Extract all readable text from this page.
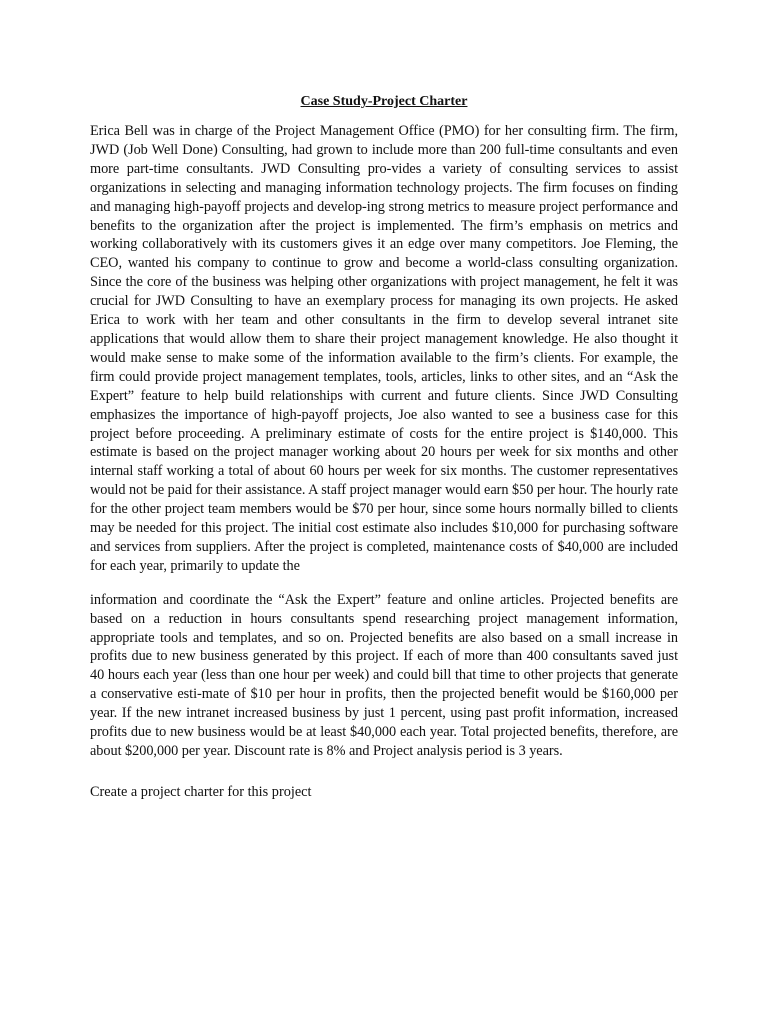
Case Study-Project Charter

Erica Bell was in charge of the Project Management Office (PMO) for her consulting firm. The firm, JWD (Job Well Done) Consulting, had grown to include more than 200 full-time consultants and even more part-time consultants. JWD Consulting pro-vides a variety of consulting services to assist organizations in selecting and managing information technology projects. The firm focuses on finding and managing high-payoff projects and develop-ing strong metrics to measure project performance and benefits to the organization after the project is implemented. The firm’s emphasis on metrics and working collaboratively with its customers gives it an edge over many competitors. Joe Fleming, the CEO, wanted his company to continue to grow and become a world-class consulting organization. Since the core of the business was helping other organizations with project management, he felt it was crucial for JWD Consulting to have an exemplary process for managing its own projects. He asked Erica to work with her team and other consultants in the firm to develop several intranet site applications that would allow them to share their project management knowledge. He also thought it would make sense to make some of the information available to the firm’s clients. For example, the firm could provide project management templates, tools, articles, links to other sites, and an “Ask the Expert” feature to help build relationships with current and future clients. Since JWD Consulting emphasizes the importance of high-payoff projects, Joe also wanted to see a business case for this project before proceeding. A preliminary estimate of costs for the entire project is $140,000. This estimate is based on the project manager working about 20 hours per week for six months and other internal staff working a total of about 60 hours per week for six months. The customer representatives would not be paid for their assistance. A staff project manager would earn $50 per hour. The hourly rate for the other project team members would be $70 per hour, since some hours normally billed to clients may be needed for this project. The initial cost estimate also includes $10,000 for purchasing software and services from suppliers. After the project is completed, maintenance costs of $40,000 are included for each year, primarily to update the

information and coordinate the “Ask the Expert” feature and online articles. Projected benefits are based on a reduction in hours consultants spend researching project management information, appropriate tools and templates, and so on. Projected benefits are also based on a small increase in profits due to new business generated by this project. If each of more than 400 consultants saved just 40 hours each year (less than one hour per week) and could bill that time to other projects that generate a conservative esti-mate of $10 per hour in profits, then the projected benefit would be $160,000 per year. If the new intranet increased business by just 1 percent, using past profit information, increased profits due to new business would be at least $40,000 each year. Total projected benefits, therefore, are about $200,000 per year. Discount rate is 8% and Project analysis period is 3 years.

Create a project charter for this project
